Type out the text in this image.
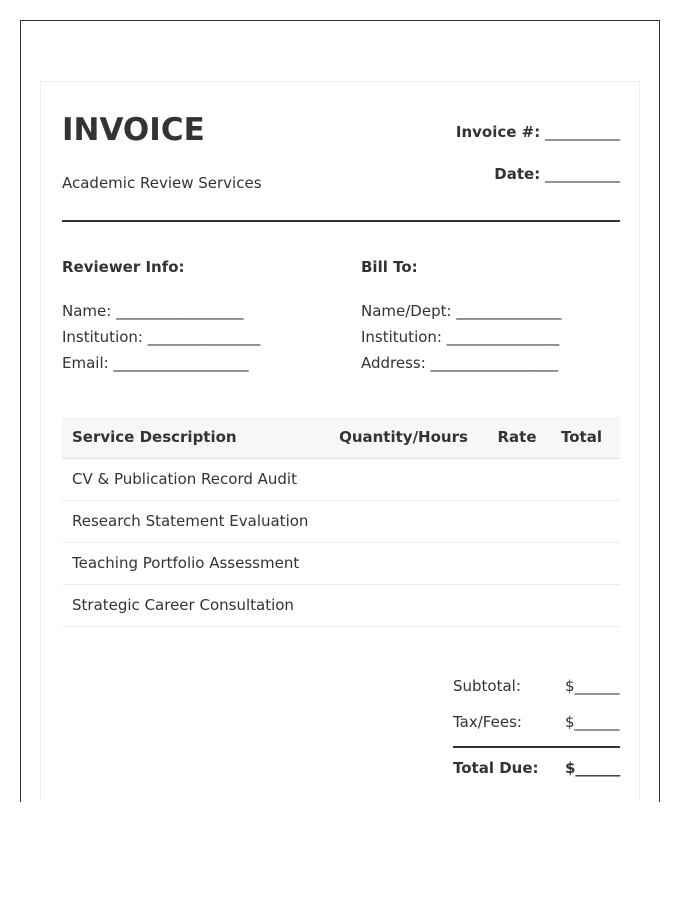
INVOICE
Academic Review Services
Invoice #: __________
Date: __________
Reviewer Info:
Name: _________________
Institution: _______________
Email: __________________
Bill To:
Name/Dept: ______________
Institution: _______________
Address: _________________
Service Description	Quantity/Hours	Rate	Total
CV & Publication Record Audit			
Research Statement Evaluation			
Teaching Portfolio Assessment			
Strategic Career Consultation			
Subtotal:	$______
Tax/Fees:	$______
Total Due: $______
